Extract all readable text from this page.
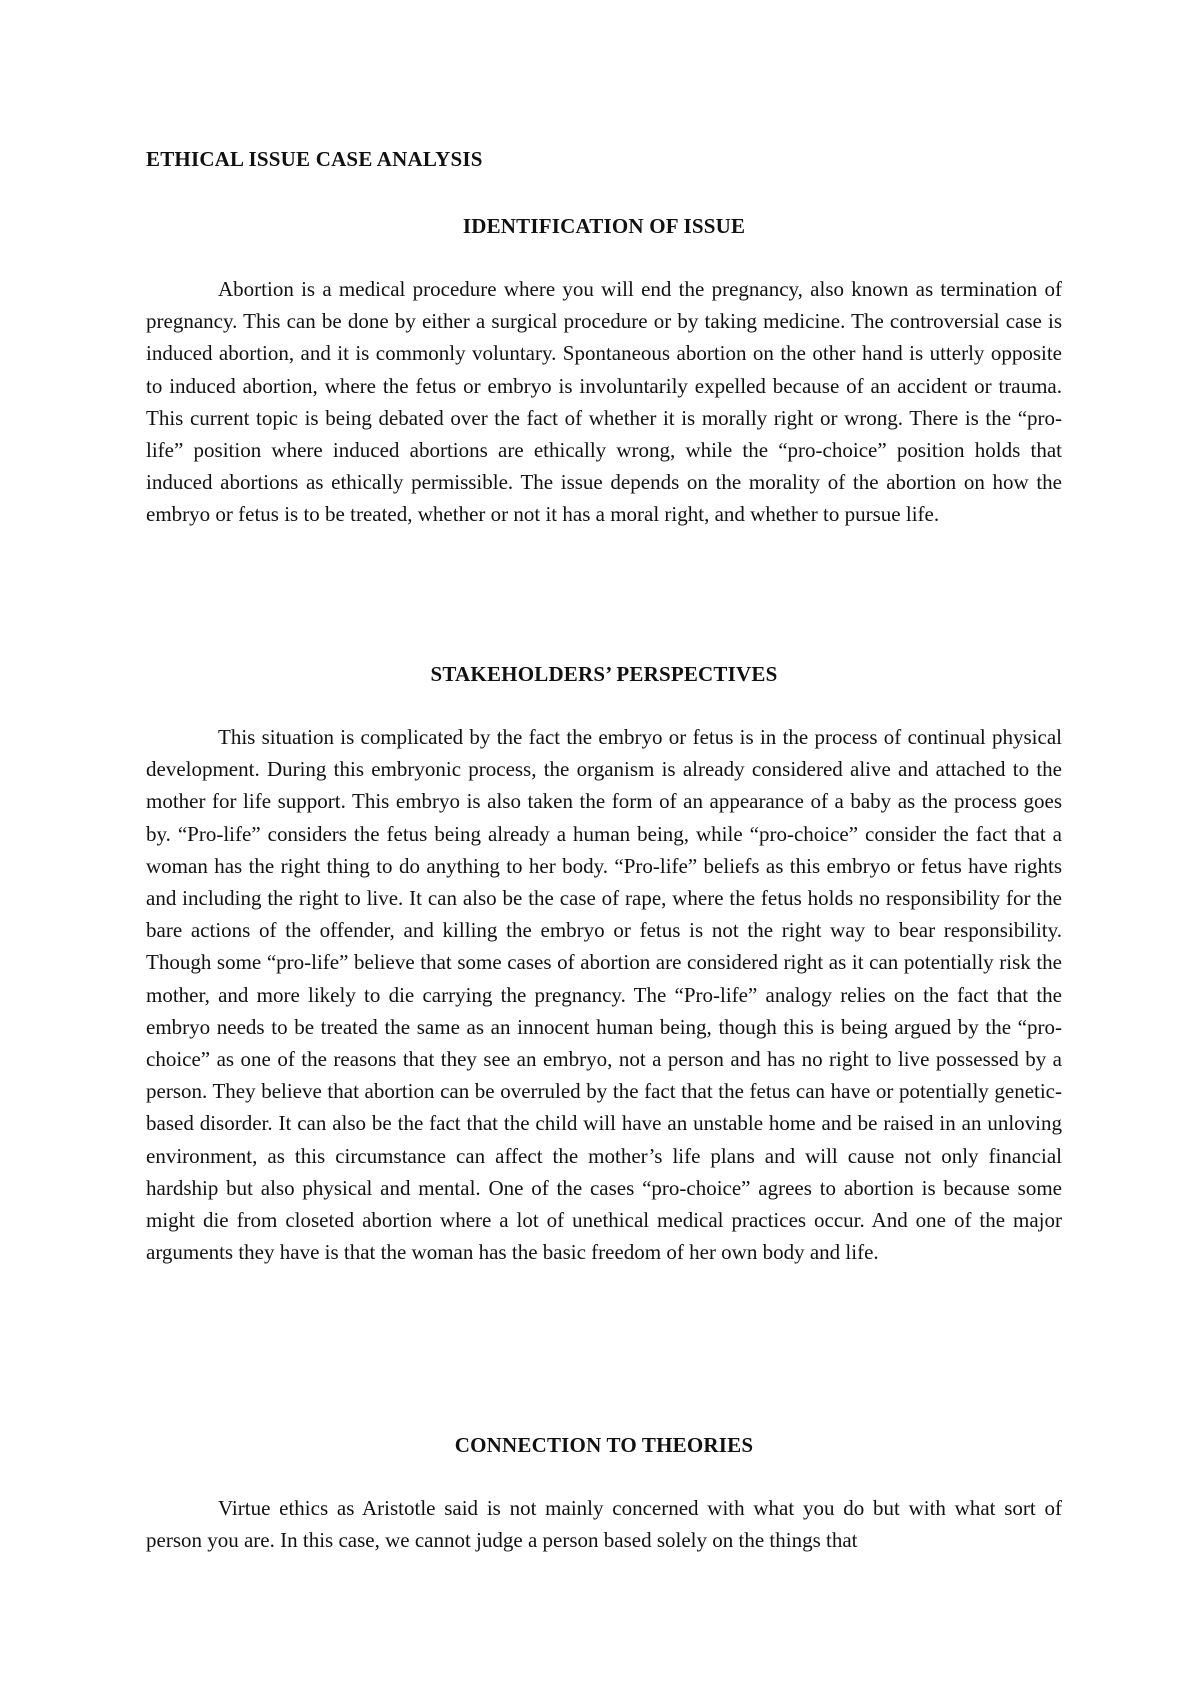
ETHICAL ISSUE CASE ANALYSIS
IDENTIFICATION OF ISSUE

Abortion is a medical procedure where you will end the pregnancy, also known as termination of pregnancy. This can be done by either a surgical procedure or by taking medicine. The controversial case is induced abortion, and it is commonly voluntary. Spontaneous abortion on the other hand is utterly opposite to induced abortion, where the fetus or embryo is involuntarily expelled because of an accident or trauma. This current topic is being debated over the fact of whether it is morally right or wrong. There is the “pro-life” position where induced abortions are ethically wrong, while the “pro-choice” position holds that induced abortions as ethically permissible. The issue depends on the morality of the abortion on how the embryo or fetus is to be treated, whether or not it has a moral right, and whether to pursue life.

STAKEHOLDERS’ PERSPECTIVES

This situation is complicated by the fact the embryo or fetus is in the process of continual physical development. During this embryonic process, the organism is already considered alive and attached to the mother for life support. This embryo is also taken the form of an appearance of a baby as the process goes by. “Pro-life” considers the fetus being already a human being, while “pro-choice” consider the fact that a woman has the right thing to do anything to her body. “Pro-life” beliefs as this embryo or fetus have rights and including the right to live. It can also be the case of rape, where the fetus holds no responsibility for the bare actions of the offender, and killing the embryo or fetus is not the right way to bear responsibility. Though some “pro-life” believe that some cases of abortion are considered right as it can potentially risk the mother, and more likely to die carrying the pregnancy. The “Pro-life” analogy relies on the fact that the embryo needs to be treated the same as an innocent human being, though this is being argued by the “pro-choice” as one of the reasons that they see an embryo, not a person and has no right to live possessed by a person. They believe that abortion can be overruled by the fact that the fetus can have or potentially genetic-based disorder. It can also be the fact that the child will have an unstable home and be raised in an unloving environment, as this circumstance can affect the mother’s life plans and will cause not only financial hardship but also physical and mental. One of the cases “pro-choice” agrees to abortion is because some might die from closeted abortion where a lot of unethical medical practices occur. And one of the major arguments they have is that the woman has the basic freedom of her own body and life.

CONNECTION TO THEORIES

Virtue ethics as Aristotle said is not mainly concerned with what you do but with what sort of person you are. In this case, we cannot judge a person based solely on the things that
